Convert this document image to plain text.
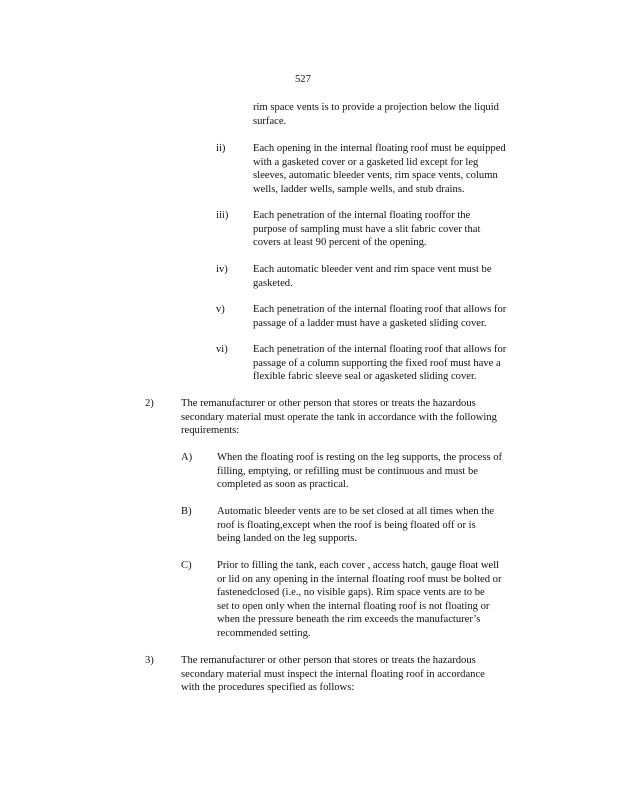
527
rim space vents is to provide a projection below the liquid
surface.
ii)	Each opening in the internal floating roof must be equipped
with a gasketed cover or a gasketed lid except for leg
sleeves, automatic bleeder vents, rim space vents, column
wells, ladder wells, sample wells, and stub drains.
iii) Each penetration of the internal floating rooffor the
purpose of sampling must have a slit fabric cover that
covers at least 90 percent of the opening.
iv) Each automatic bleeder vent and rim space vent must be
gasketed.
v)	Each penetration of the internal floating roof that allows for
passage of a ladder must have a gasketed sliding cover.
vi) Each penetration of the internal floating roof that allows for
passage of a column supporting the fixed roof must have a
flexible fabric sleeve seal or agasketed sliding cover.
2)	The remanufacturer or other person that stores or treats the hazardous
secondary material must operate the tank in accordance with the following
requirements:
A) When the floating roof is resting on the leg supports, the process of
filling, emptying, or refilling must be continuous and must be
completed as soon as practical.
B) Automatic bleeder vents are to be set closed at all times when the
roof is floating,except when the roof is being floated off or is
being landed on the leg supports.
C) Prior to filling the tank, each cover , access hatch, gauge float well
or lid on any opening in the internal floating roof must be bolted or
fastenedclosed (i.e., no visible gaps). Rim space vents are to be
set to open only when the internal floating roof is not floating or
when the pressure beneath the rim exceeds the manufacturer’s
recommended setting.
3)	The remanufacturer or other person that stores or treats the hazardous
secondary material must inspect the internal floating roof in accordance
with the procedures specified as follows:
